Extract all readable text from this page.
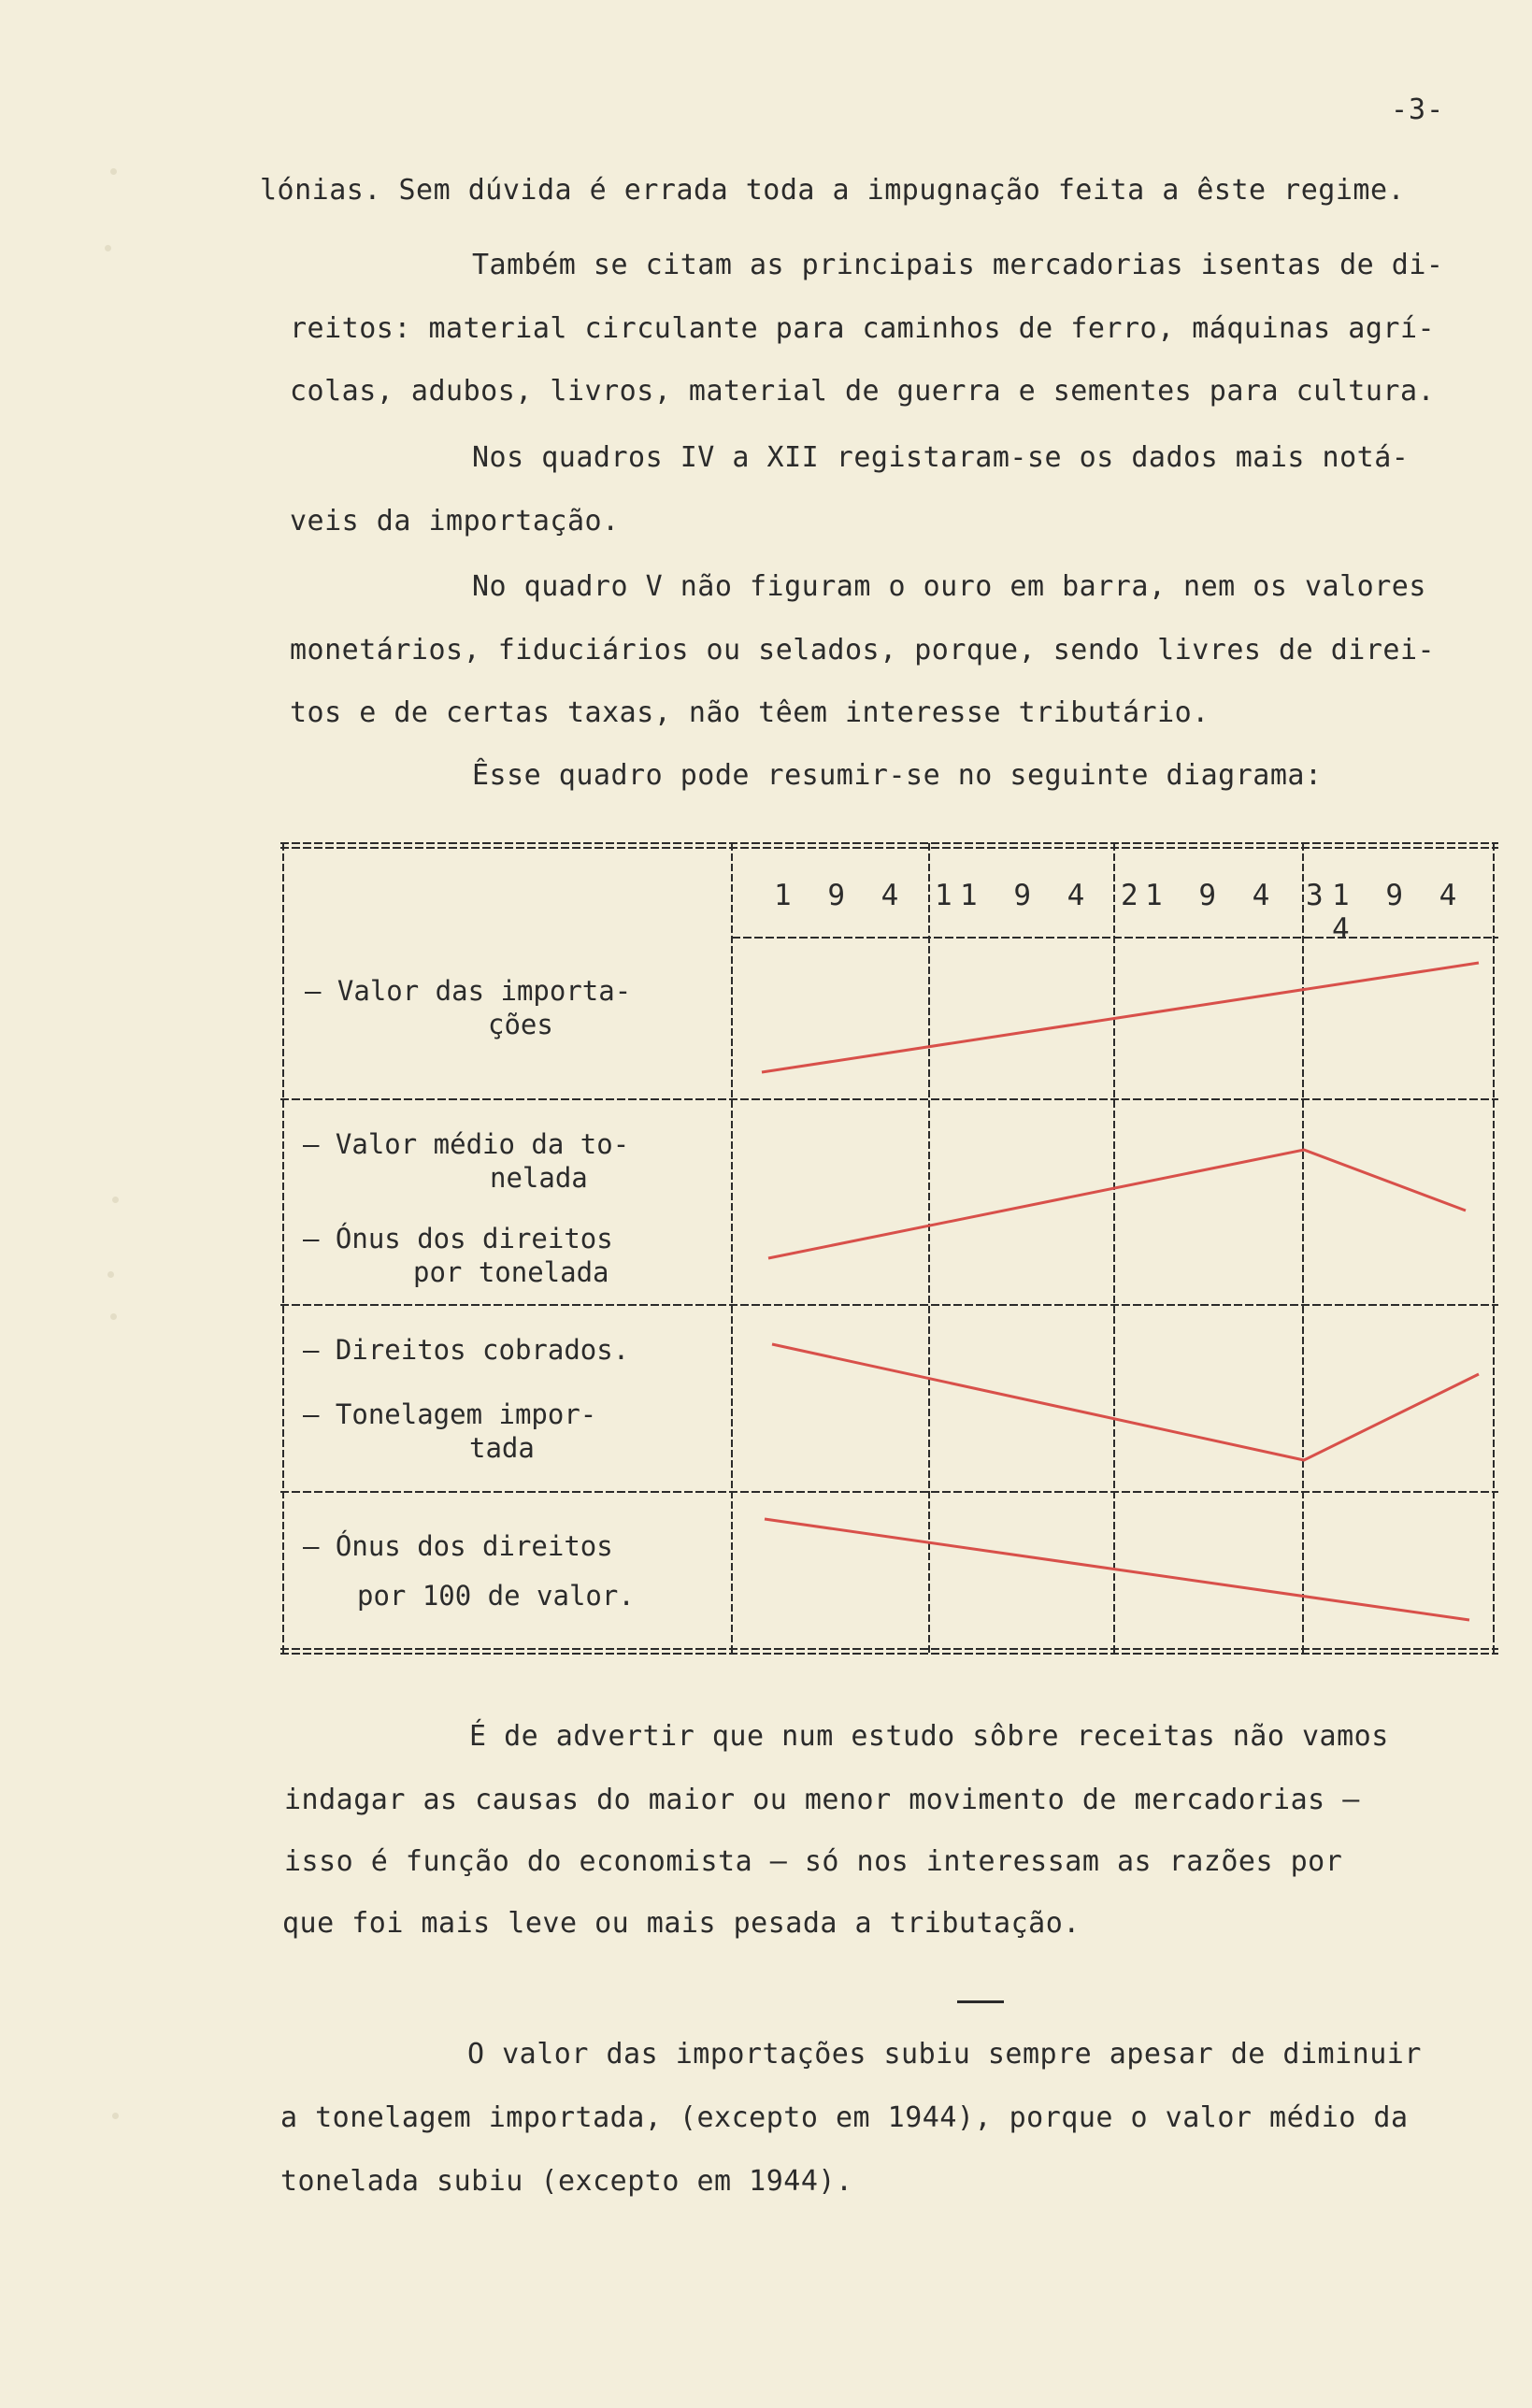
-3-
lónias. Sem dúvida é errada toda a impugnação feita a êste regime.
Também se citam as principais mercadorias isentas de di-
reitos: material circulante para caminhos de ferro, máquinas agrí-
colas, adubos, livros, material de guerra e sementes para cultura.
Nos quadros IV a XII registaram-se os dados mais notá-
veis da importação.
No quadro V não figuram o ouro em barra, nem os valores
monetários, fiduciários ou selados, porque, sendo livres de direi-
tos e de certas taxas, não têem interesse tributário.
Êsse quadro pode resumir-se no seguinte diagrama:
1 9 4 1
1 9 4 2
1 9 4 3 1 9 4 4
— Valor das importa-
ções
— Valor médio da to-
nelada
— Ónus dos direitos
por tonelada
— Direitos cobrados.
— Tonelagem impor-
tada
— Ónus dos direitos
por 100 de valor.
É de advertir que num estudo sôbre receitas não vamos
indagar as causas do maior ou menor movimento de mercadorias —
isso é função do economista — só nos interessam as razões por
que foi mais leve ou mais pesada a tributação.
O valor das importações subiu sempre apesar de diminuir
a tonelagem importada, (excepto em 1944), porque o valor médio da
tonelada subiu (excepto em 1944).
